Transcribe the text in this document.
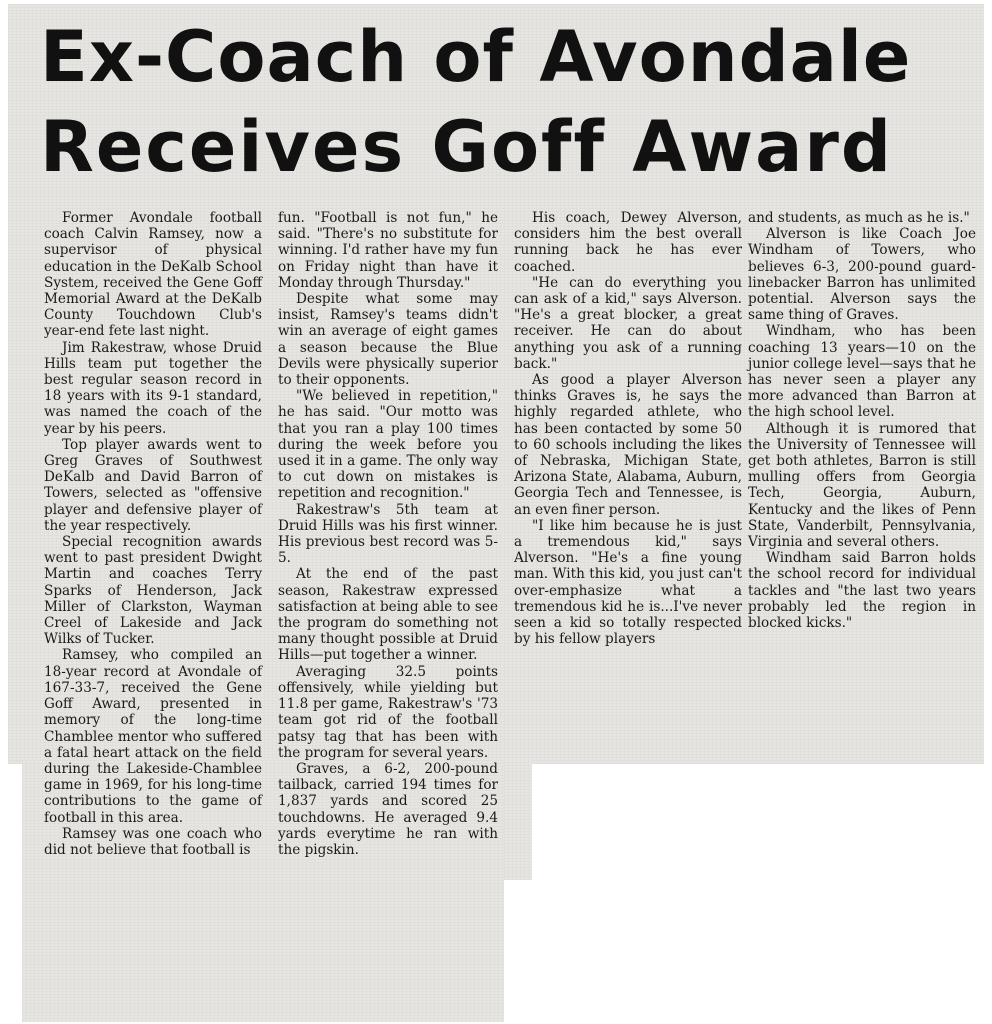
Ex-Coach of Avondale
Receives Goff Award

Former Avondale football coach Calvin Ramsey, now a supervisor of physical education in the DeKalb School System, received the Gene Goff Memorial Award at the DeKalb County Touchdown Club's year-end fete last night.

Jim Rakestraw, whose Druid Hills team put together the best regular season record in 18 years with its 9-1 standard, was named the coach of the year by his peers.

Top player awards went to Greg Graves of Southwest DeKalb and David Barron of Towers, selected as "offensive player and defensive player of the year respectively.

Special recognition awards went to past president Dwight Martin and coaches Terry Sparks of Henderson, Jack Miller of Clarkston, Wayman Creel of Lakeside and Jack Wilks of Tucker.

Ramsey, who compiled an 18-year record at Avondale of 167-33-7, received the Gene Goff Award, presented in memory of the long-time Chamblee mentor who suffered a fatal heart attack on the field during the Lakeside-Chamblee game in 1969, for his long-time contributions to the game of football in this area.

Ramsey was one coach who did not believe that football is

fun. "Football is not fun," he said. "There's no substitute for winning. I'd rather have my fun on Friday night than have it Monday through Thursday."

Despite what some may insist, Ramsey's teams didn't win an average of eight games a season because the Blue Devils were physically superior to their opponents.

"We believed in repetition," he has said. "Our motto was that you ran a play 100 times during the week before you used it in a game. The only way to cut down on mistakes is repetition and recognition."

Rakestraw's 5th team at Druid Hills was his first winner. His previous best record was 5-5.

At the end of the past season, Rakestraw expressed satisfaction at being able to see the program do something not many thought possible at Druid Hills—put together a winner.

Averaging 32.5 points offensively, while yielding but 11.8 per game, Rakestraw's '73 team got rid of the football patsy tag that has been with the program for several years.

Graves, a 6-2, 200-pound tailback, carried 194 times for 1,837 yards and scored 25 touchdowns. He averaged 9.4 yards everytime he ran with the pigskin.

His coach, Dewey Alverson, considers him the best overall running back he has ever coached.

"He can do everything you can ask of a kid," says Alverson. "He's a great blocker, a great receiver. He can do about anything you ask of a running back."

As good a player Alverson thinks Graves is, he says the highly regarded athlete, who has been contacted by some 50 to 60 schools including the likes of Nebraska, Michigan State, Arizona State, Alabama, Auburn, Georgia Tech and Tennessee, is an even finer person.

"I like him because he is just a tremendous kid," says Alverson. "He's a fine young man. With this kid, you just can't over-emphasize what a tremendous kid he is...I've never seen a kid so totally respected by his fellow players

and students, as much as he is."

Alverson is like Coach Joe Windham of Towers, who believes 6-3, 200-pound guard-linebacker Barron has unlimited potential. Alverson says the same thing of Graves.

Windham, who has been coaching 13 years—10 on the junior college level—says that he has never seen a player any more advanced than Barron at the high school level.

Although it is rumored that the University of Tennessee will get both athletes, Barron is still mulling offers from Georgia Tech, Georgia, Auburn, Kentucky and the likes of Penn State, Vanderbilt, Pennsylvania, Virginia and several others.

Windham said Barron holds the school record for individual tackles and "the last two years probably led the region in blocked kicks."
